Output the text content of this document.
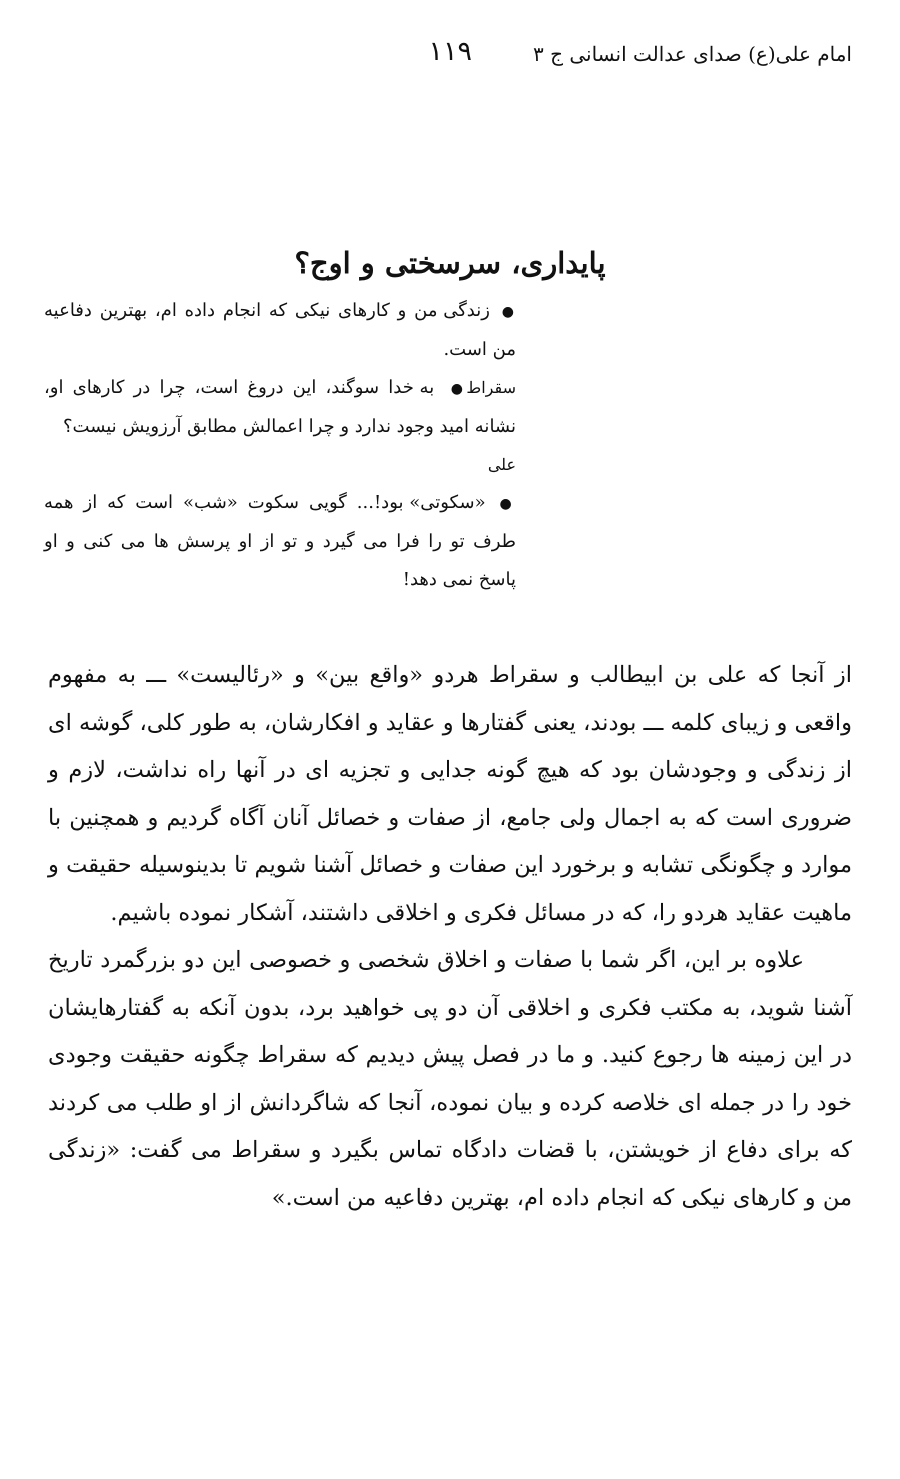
امام علی(ع) صدای عدالت انسانی ج ۳
۱۱۹
پایداری، سرسختی و اوج؟

● زندگی من و کارهای نیکی که انجام داده ام، بهترین دفاعیه من است.

سقراط● به خدا سوگند، این دروغ است، چرا در کارهای او، نشانه امید وجود ندارد و چرا اعمالش مطابق آرزویش نیست؟

علی

● «سکوتی» بود!... گویی سکوت «شب» است که از همه طرف تو را فرا می گیرد و تو از او پرسش ها می کنی و او پاسخ نمی دهد!

از آنجا که علی بن ابیطالب و سقراط هردو «واقع بین» و «رئالیست» ـــ به مفهوم واقعی و زیبای کلمه ـــ بودند، یعنی گفتارها و عقاید و افکارشان، به طور کلی، گوشه ای از زندگی و وجودشان بود که هیچ گونه جدایی و تجزیه ای در آنها راه نداشت، لازم و ضروری است که به اجمال ولی جامع، از صفات و خصائل آنان آگاه گردیم و همچنین با موارد و چگونگی تشابه و برخورد این صفات و خصائل آشنا شویم تا بدینوسیله حقیقت و ماهیت عقاید هردو را، که در مسائل فکری و اخلاقی داشتند، آشکار نموده باشیم.

علاوه بر این، اگر شما با صفات و اخلاق شخصی و خصوصی این دو بزرگمرد تاریخ آشنا شوید، به مکتب فکری و اخلاقی آن دو پی خواهید برد، بدون آنکه به گفتارهایشان در این زمینه ها رجوع کنید. و ما در فصل پیش دیدیم که سقراط چگونه حقیقت وجودی خود را در جمله ای خلاصه کرده و بیان نموده، آنجا که شاگردانش از او طلب می کردند که برای دفاع از خویشتن، با قضات دادگاه تماس بگیرد و سقراط می گفت: «زندگی من و کارهای نیکی که انجام داده ام، بهترین دفاعیه من است.»
